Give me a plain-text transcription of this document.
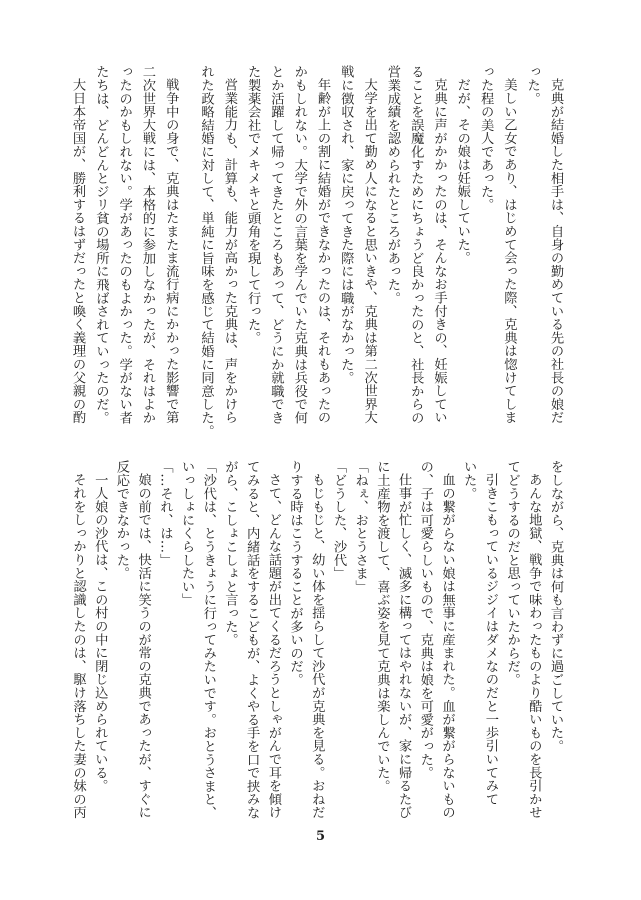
克典が結婚した相手は、自身の勤めている先の社長の娘だ
った。
美しい乙女であり、はじめて会った際、克典は惚けてしま
った程の美人であった。
だが、その娘は妊娠していた。
克典に声がかかったのは、そんなお手付きの、妊娠してい
ることを誤魔化すためにちょうど良かったのと、社長からの
営業成績を認められたところがあった。
大学を出て勤め人になると思いきや、克典は第二次世界大
戦に徴収され、家に戻ってきた際には職がなかった。
年齢が上の割に結婚ができなかったのは、それもあったの
かもしれない。大学で外の言葉を学んでいた克典は兵役で何
とか活躍して帰ってきたところもあって、どうにか就職でき
た製薬会社でメキメキと頭角を現して行った。
営業能力も、計算も、能力が高かった克典は、声をかけら
れた政略結婚に対して、単純に旨味を感じて結婚に同意した。
戦争中の身で、克典はたまたま流行病にかかった影響で第
二次世界大戦には、本格的に参加しなかったが、それはよか
ったのかもしれない。学があったのもよかった。学がない者
たちは、どんどんとジリ貧の場所に飛ばされていったのだ。
大日本帝国が、勝利するはずだったと喚く義理の父親の酌
をしながら、克典は何も言わずに過ごしていた。
あんな地獄、戦争で味わったものより酷いものを長引かせ
てどうするのだと思っていたからだ。
引きこもっているジジイはダメなのだと一歩引いてみて
いた。
血の繋がらない娘は無事に産まれた。血が繋がらないもの
の、子は可愛らしいもので、克典は娘を可愛がった。
仕事が忙しく、滅多に構ってはやれないが、家に帰るたび
に土産物を渡して、喜ぶ姿を見て克典は楽しんでいた。
「ねぇ、おとうさま」
「どうした、沙代」
もじもじと、幼い体を揺らして沙代が克典を見る。おねだ
りする時はこうすることが多いのだ。
さて、どんな話題が出てくるだろうとしゃがんで耳を傾け
てみると、内緒話をするこどもが、よくやる手を口で挟みな
がら、こしょこしょと言った。
「沙代は、とうきょうに行ってみたいです。おとうさまと、
いっしょにくらしたい」
「…それ、は…」
娘の前では、快活に笑うのが常の克典であったが、すぐに
反応できなかった。
一人娘の沙代は、この村の中に閉じ込められている。
それをしっかりと認識したのは、駆け落ちした妻の妹の丙
5
